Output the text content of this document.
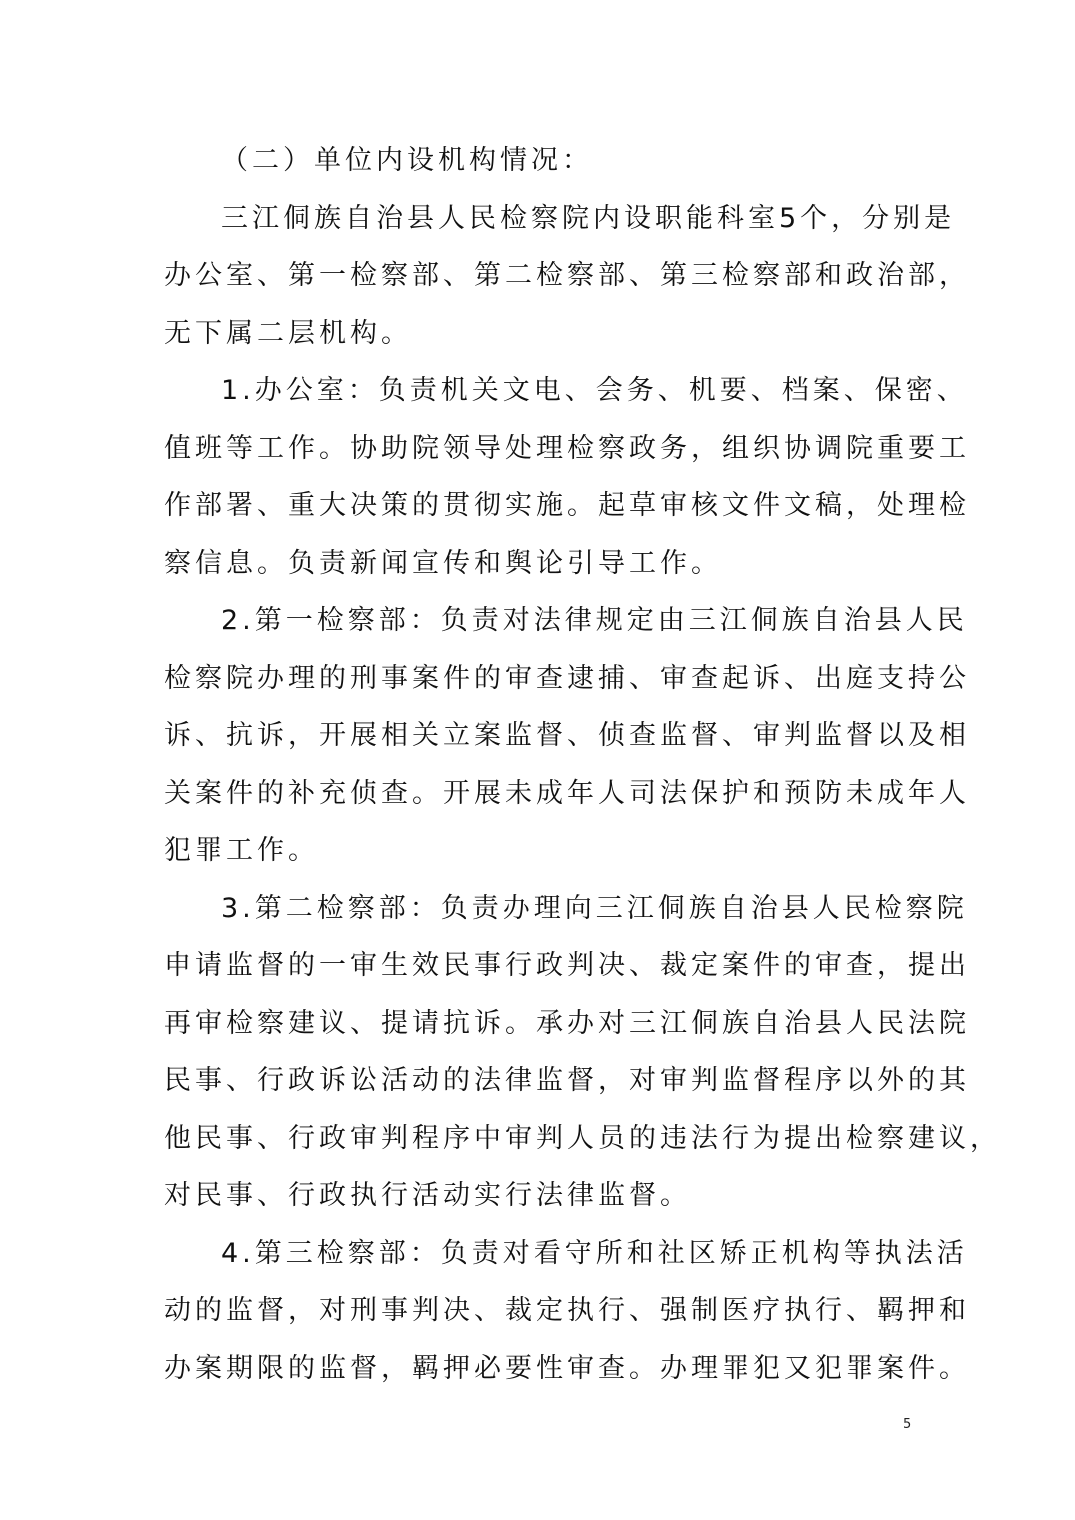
（二）单位内设机构情况：

三江侗族自治县人民检察院内设职能科室5个，分别是
办公室、第一检察部、第二检察部、第三检察部和政治部，
无下属二层机构。

1.办公室：负责机关文电、会务、机要、档案、保密、
值班等工作。协助院领导处理检察政务，组织协调院重要工
作部署、重大决策的贯彻实施。起草审核文件文稿，处理检
察信息。负责新闻宣传和舆论引导工作。

2.第一检察部：负责对法律规定由三江侗族自治县人民
检察院办理的刑事案件的审查逮捕、审查起诉、出庭支持公
诉、抗诉，开展相关立案监督、侦查监督、审判监督以及相
关案件的补充侦查。开展未成年人司法保护和预防未成年人
犯罪工作。

3.第二检察部：负责办理向三江侗族自治县人民检察院
申请监督的一审生效民事行政判决、裁定案件的审查，提出
再审检察建议、提请抗诉。承办对三江侗族自治县人民法院
民事、行政诉讼活动的法律监督，对审判监督程序以外的其
他民事、行政审判程序中审判人员的违法行为提出检察建议，
对民事、行政执行活动实行法律监督。

4.第三检察部：负责对看守所和社区矫正机构等执法活
动的监督，对刑事判决、裁定执行、强制医疗执行、羁押和
办案期限的监督，羁押必要性审查。办理罪犯又犯罪案件。

5
